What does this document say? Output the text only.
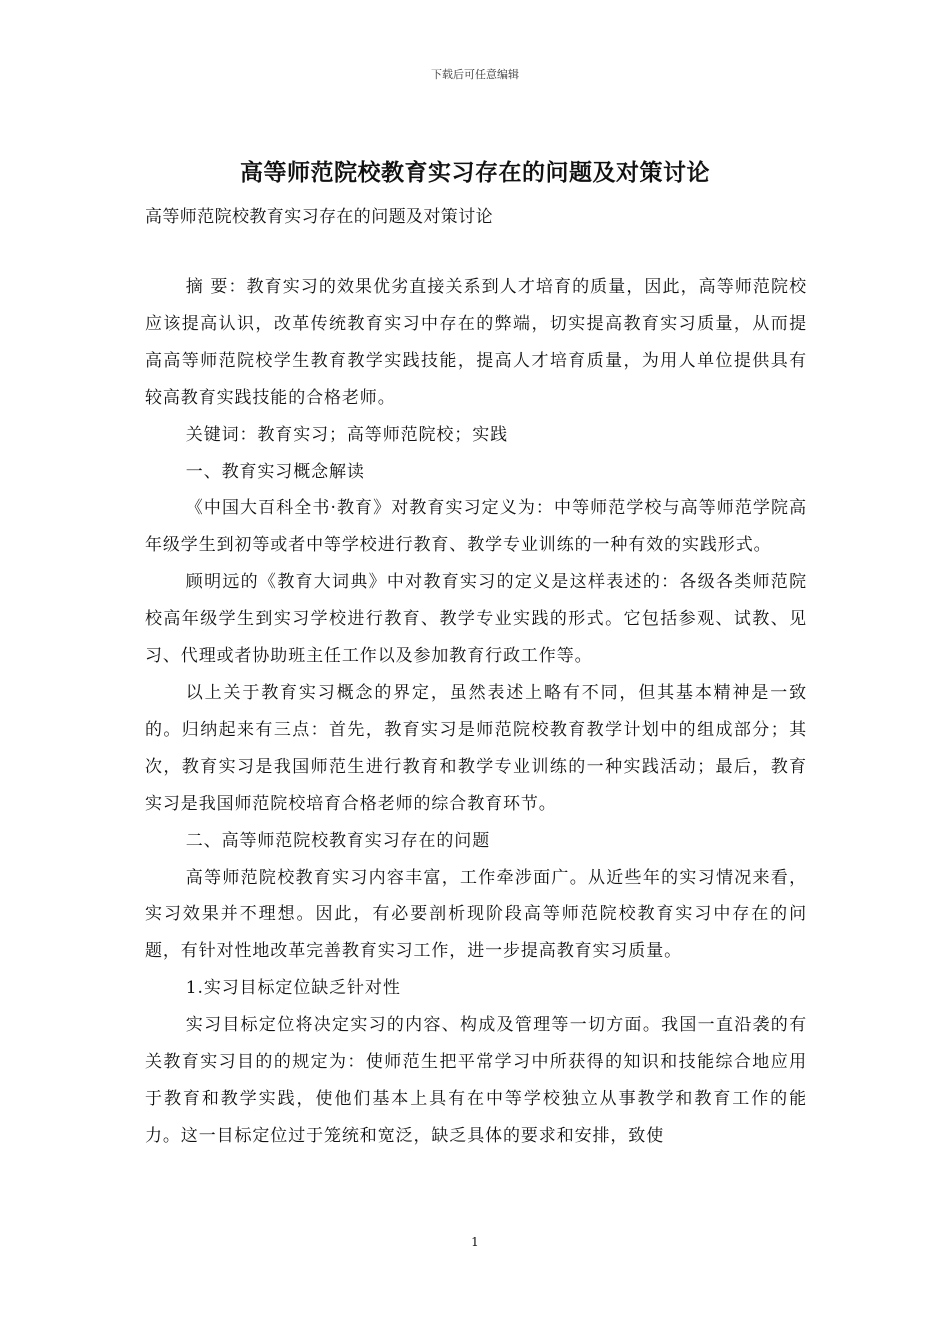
下载后可任意编辑
高等师范院校教育实习存在的问题及对策讨论
高等师范院校教育实习存在的问题及对策讨论

摘 要：教育实习的效果优劣直接关系到人才培育的质量，因此，高等师范院校应该提高认识，改革传统教育实习中存在的弊端，切实提高教育实习质量，从而提高高等师范院校学生教育教学实践技能，提高人才培育质量，为用人单位提供具有较高教育实践技能的合格老师。

关键词：教育实习；高等师范院校；实践

一、教育实习概念解读

《中国大百科全书·教育》对教育实习定义为：中等师范学校与高等师范学院高年级学生到初等或者中等学校进行教育、教学专业训练的一种有效的实践形式。

顾明远的《教育大词典》中对教育实习的定义是这样表述的：各级各类师范院校高年级学生到实习学校进行教育、教学专业实践的形式。它包括参观、试教、见习、代理或者协助班主任工作以及参加教育行政工作等。

以上关于教育实习概念的界定，虽然表述上略有不同，但其基本精神是一致的。归纳起来有三点：首先，教育实习是师范院校教育教学计划中的组成部分；其次，教育实习是我国师范生进行教育和教学专业训练的一种实践活动；最后，教育实习是我国师范院校培育合格老师的综合教育环节。

二、高等师范院校教育实习存在的问题

高等师范院校教育实习内容丰富，工作牵涉面广。从近些年的实习情况来看，实习效果并不理想。因此，有必要剖析现阶段高等师范院校教育实习中存在的问题，有针对性地改革完善教育实习工作，进一步提高教育实习质量。

1.实习目标定位缺乏针对性

实习目标定位将决定实习的内容、构成及管理等一切方面。我国一直沿袭的有关教育实习目的的规定为：使师范生把平常学习中所获得的知识和技能综合地应用于教育和教学实践，使他们基本上具有在中等学校独立从事教学和教育工作的能力。这一目标定位过于笼统和宽泛，缺乏具体的要求和安排，致使

1
